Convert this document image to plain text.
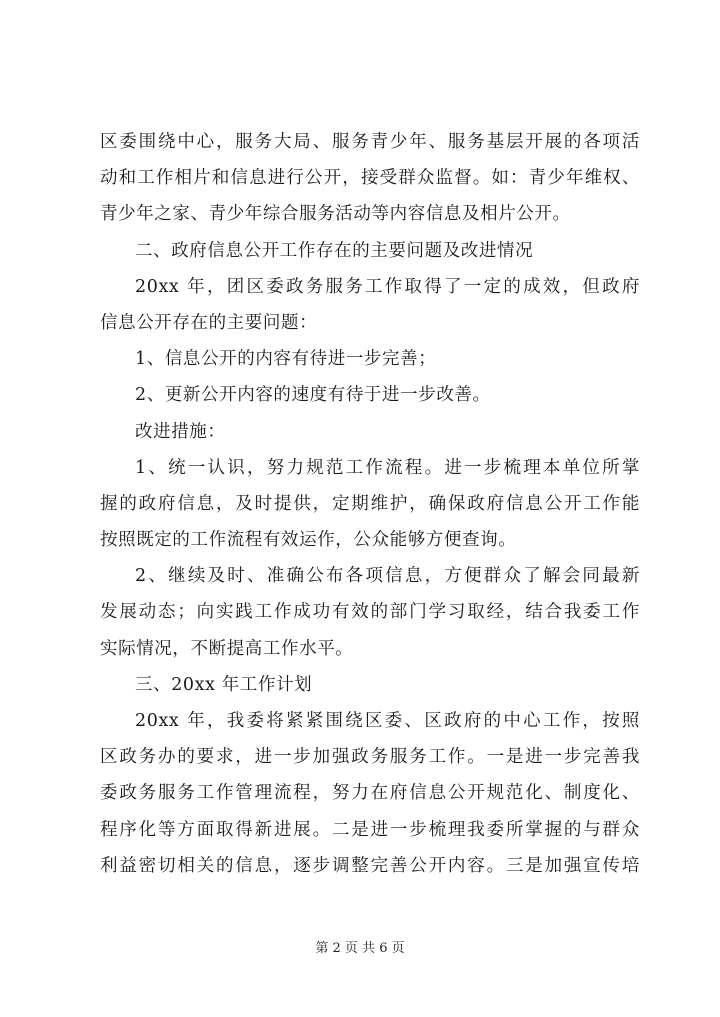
区委围绕中心，服务大局、服务青少年、服务基层开展的各项活
动和工作相片和信息进行公开，接受群众监督。如：青少年维权、
青少年之家、青少年综合服务活动等内容信息及相片公开。
二、政府信息公开工作存在的主要问题及改进情况
20xx 年，团区委政务服务工作取得了一定的成效，但政府
信息公开存在的主要问题：
1、信息公开的内容有待进一步完善；
2、更新公开内容的速度有待于进一步改善。
改进措施：
1、统一认识，努力规范工作流程。进一步梳理本单位所掌
握的政府信息，及时提供，定期维护，确保政府信息公开工作能
按照既定的工作流程有效运作，公众能够方便查询。
2、继续及时、准确公布各项信息，方便群众了解会同最新
发展动态；向实践工作成功有效的部门学习取经，结合我委工作
实际情况，不断提高工作水平。
三、20xx 年工作计划
20xx 年，我委将紧紧围绕区委、区政府的中心工作，按照
区政务办的要求，进一步加强政务服务工作。一是进一步完善我
委政务服务工作管理流程，努力在府信息公开规范化、制度化、
程序化等方面取得新进展。二是进一步梳理我委所掌握的与群众
利益密切相关的信息，逐步调整完善公开内容。三是加强宣传培
第 2 页 共 6 页
